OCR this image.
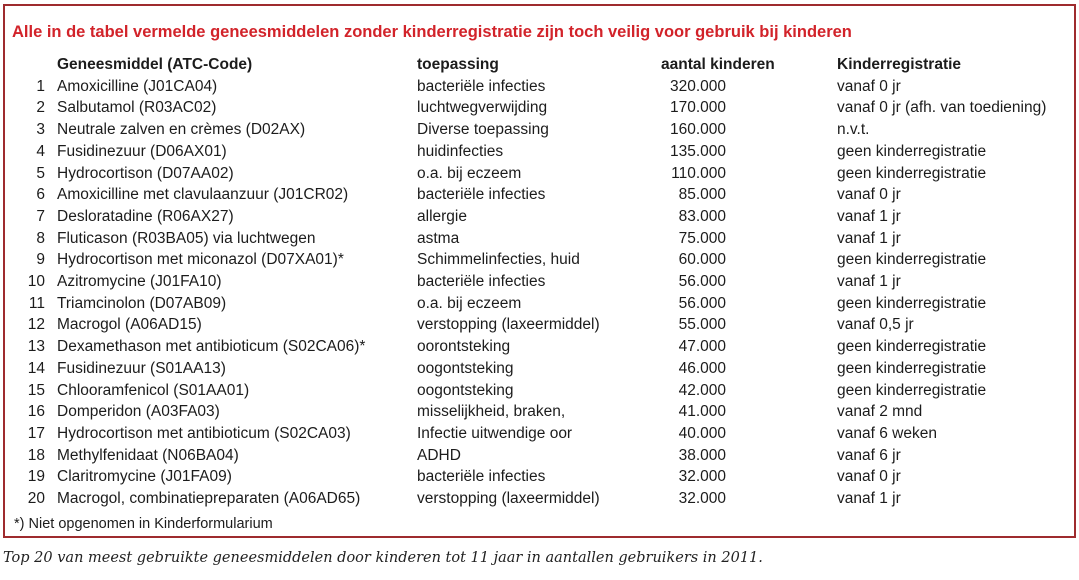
Alle in de tabel vermelde geneesmiddelen zonder kinderregistratie zijn toch veilig voor gebruik bij kinderen
Geneesmiddel (ATC-Code)	toepassing	aantal kinderen	Kinderregistratie
1 Amoxicilline (J01CA04)	bacteriële infecties	320.000	vanaf 0 jr
2 Salbutamol (R03AC02)	luchtwegverwijding	170.000	vanaf 0 jr (afh. van toediening)
3 Neutrale zalven en crèmes (D02AX)	Diverse toepassing	160.000	n.v.t.
4 Fusidinezuur (D06AX01)	huidinfecties	135.000	geen kinderregistratie
5 Hydrocortison (D07AA02)	o.a. bij eczeem	110.000	geen kinderregistratie
6 Amoxicilline met clavulaanzuur (J01CR02)	bacteriële infecties	85.000	vanaf 0 jr
7 Desloratadine (R06AX27)	allergie	83.000	vanaf 1 jr
8 Fluticason (R03BA05) via luchtwegen	astma	75.000	vanaf 1 jr
9 Hydrocortison met miconazol (D07XA01)*	Schimmelinfecties, huid	60.000	geen kinderregistratie
10 Azitromycine (J01FA10)	bacteriële infecties	56.000	vanaf 1 jr
11 Triamcinolon (D07AB09)	o.a. bij eczeem	56.000	geen kinderregistratie
12 Macrogol (A06AD15)	verstopping (laxeermiddel)	55.000	vanaf 0,5 jr
13 Dexamethason met antibioticum (S02CA06)*	oorontsteking	47.000	geen kinderregistratie
14 Fusidinezuur (S01AA13)	oogontsteking	46.000	geen kinderregistratie
15 Chlooramfenicol (S01AA01)	oogontsteking	42.000	geen kinderregistratie
16 Domperidon (A03FA03)	misselijkheid, braken,	41.000	vanaf 2 mnd
17 Hydrocortison met antibioticum (S02CA03)	Infectie uitwendige oor	40.000	vanaf 6 weken
18 Methylfenidaat (N06BA04)	ADHD	38.000	vanaf 6 jr
19 Claritromycine (J01FA09)	bacteriële infecties	32.000	vanaf 0 jr
20 Macrogol, combinatiepreparaten (A06AD65)	verstopping (laxeermiddel)	32.000	vanaf 1 jr
*) Niet opgenomen in Kinderformularium
Top 20 van meest gebruikte geneesmiddelen door kinderen tot 11 jaar in aantallen gebruikers in 2011.
